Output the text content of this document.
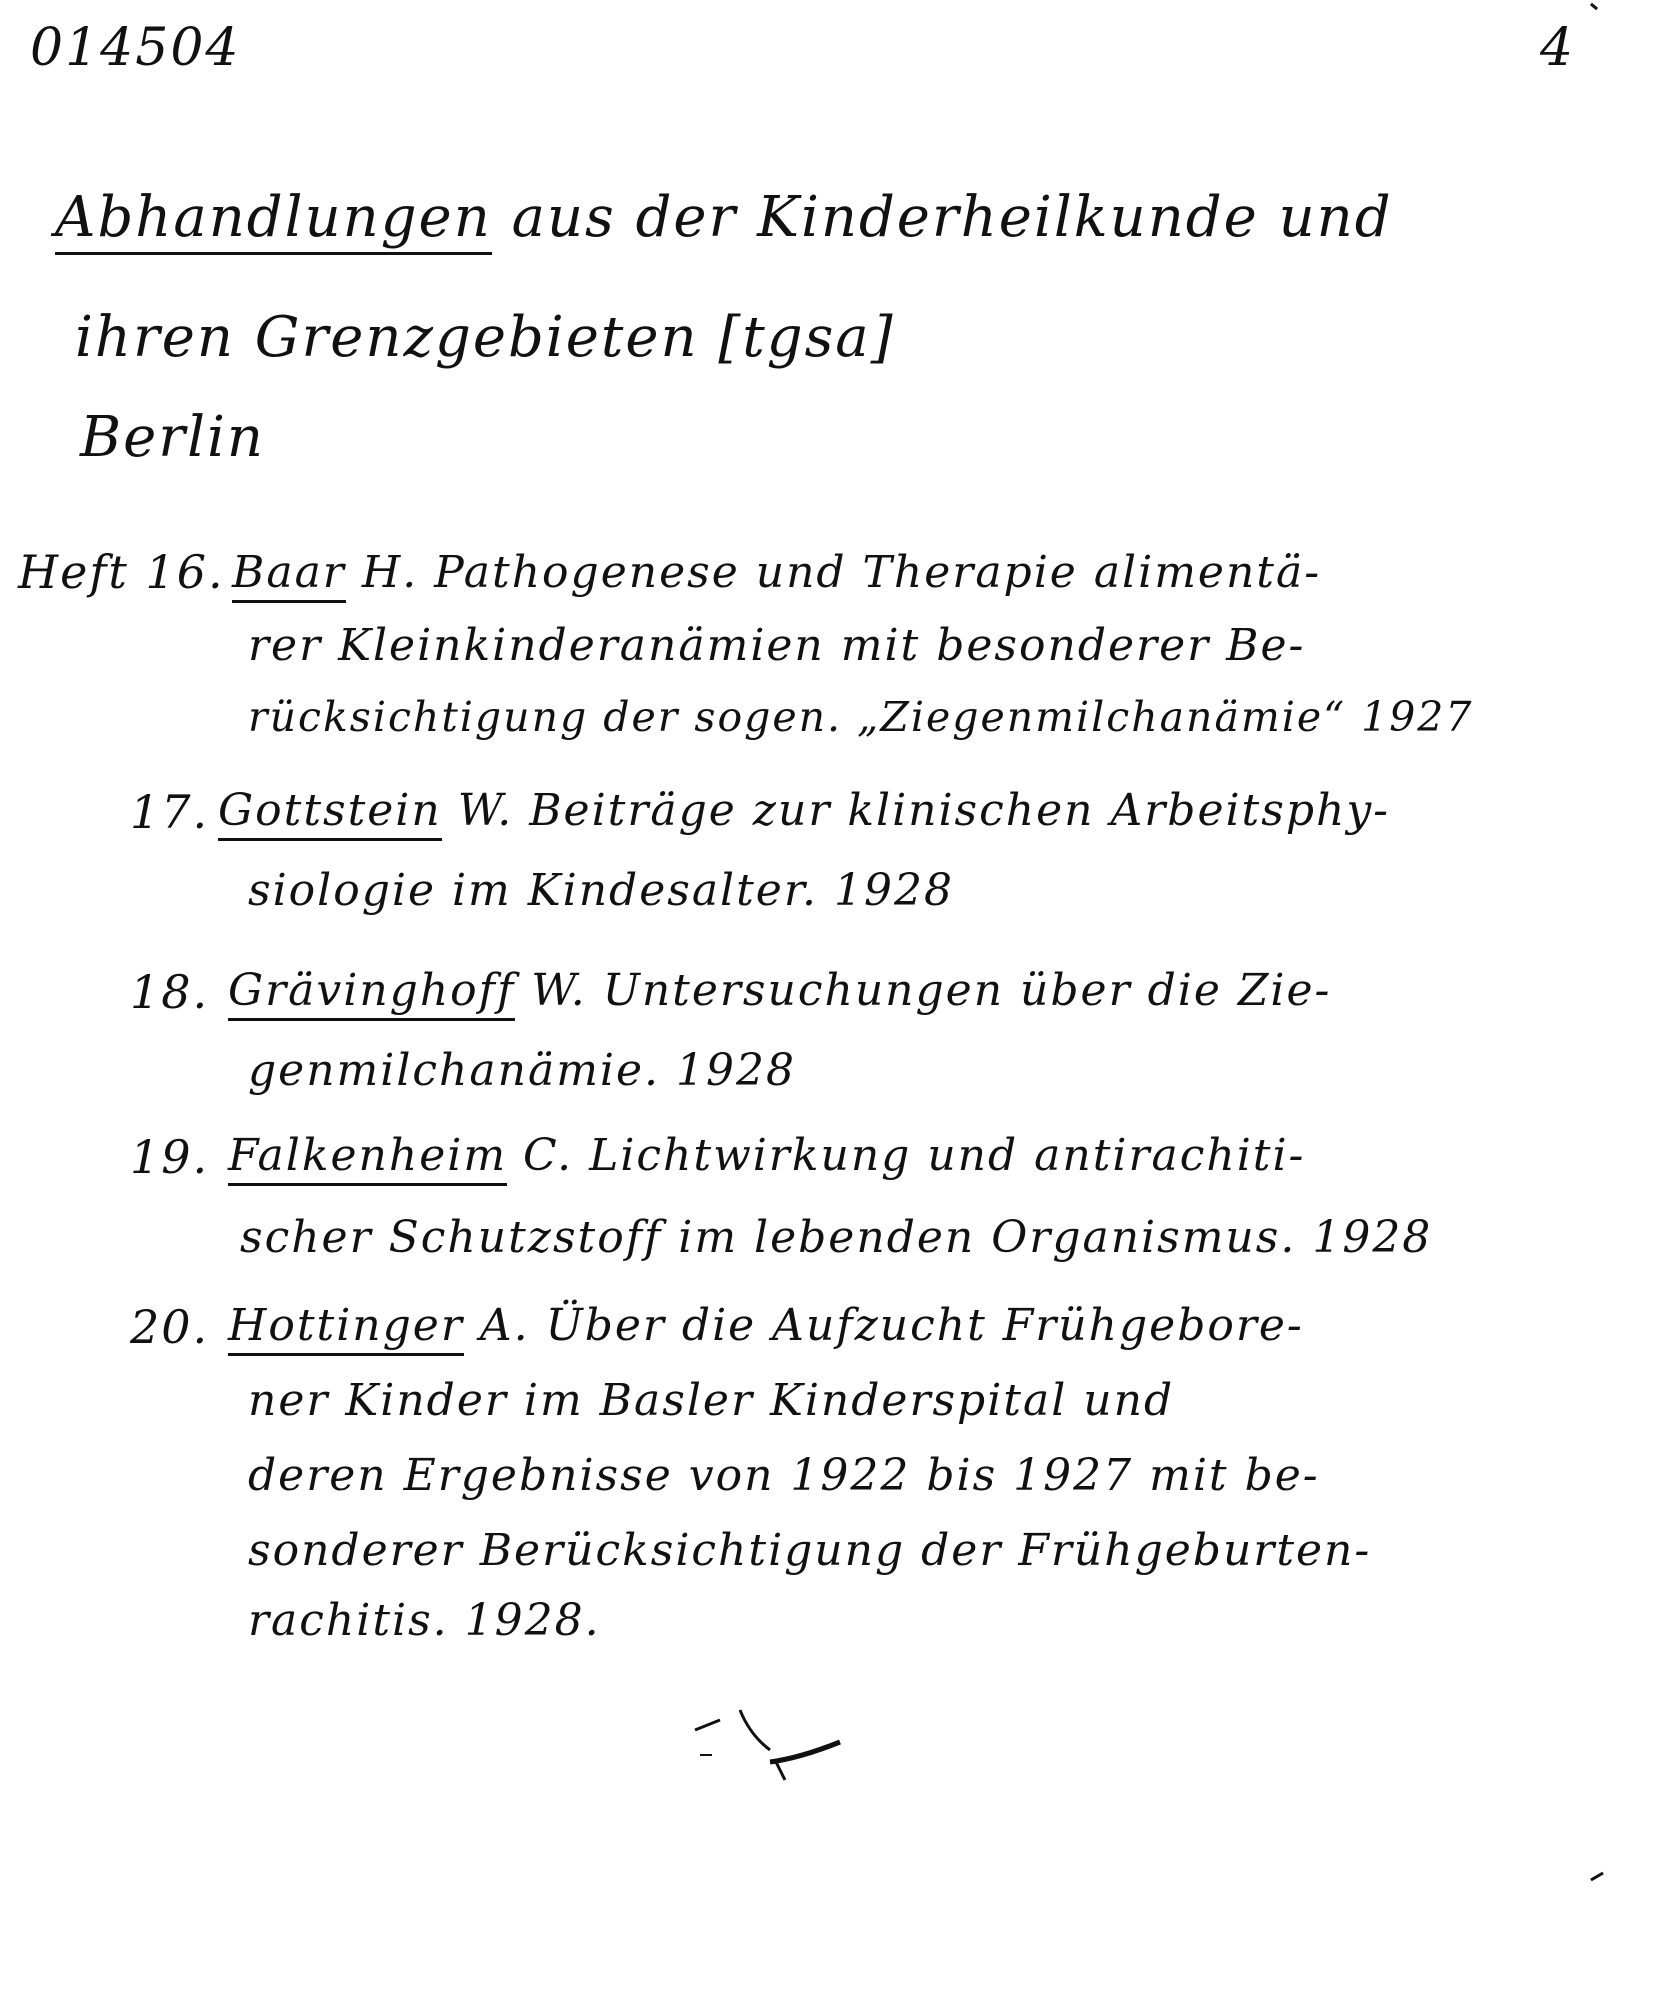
014504	4
Abhandlungen aus der Kinderheilkunde und
ihren Grenzgebieten [tgsa]
Berlin
Heft 16. Baar H. Pathogenese und Therapie alimentä-
rer Kleinkinderanämien mit besonderer Be-
rücksichtigung der sogen. „Ziegenmilchanämie“ 1927
17. Gottstein W. Beiträge zur klinischen Arbeitsphy-
siologie im Kindesalter. 1928
18. Grävinghoff W. Untersuchungen über die Zie-
genmilchanämie. 1928
19. Falkenheim C. Lichtwirkung und antirachiti-
scher Schutzstoff im lebenden Organismus. 1928
20. Hottinger A. Über die Aufzucht Frühgebore-
ner Kinder im Basler Kinderspital und
deren Ergebnisse von 1922 bis 1927 mit be-
sonderer Berücksichtigung der Frühgeburten-
rachitis. 1928.
